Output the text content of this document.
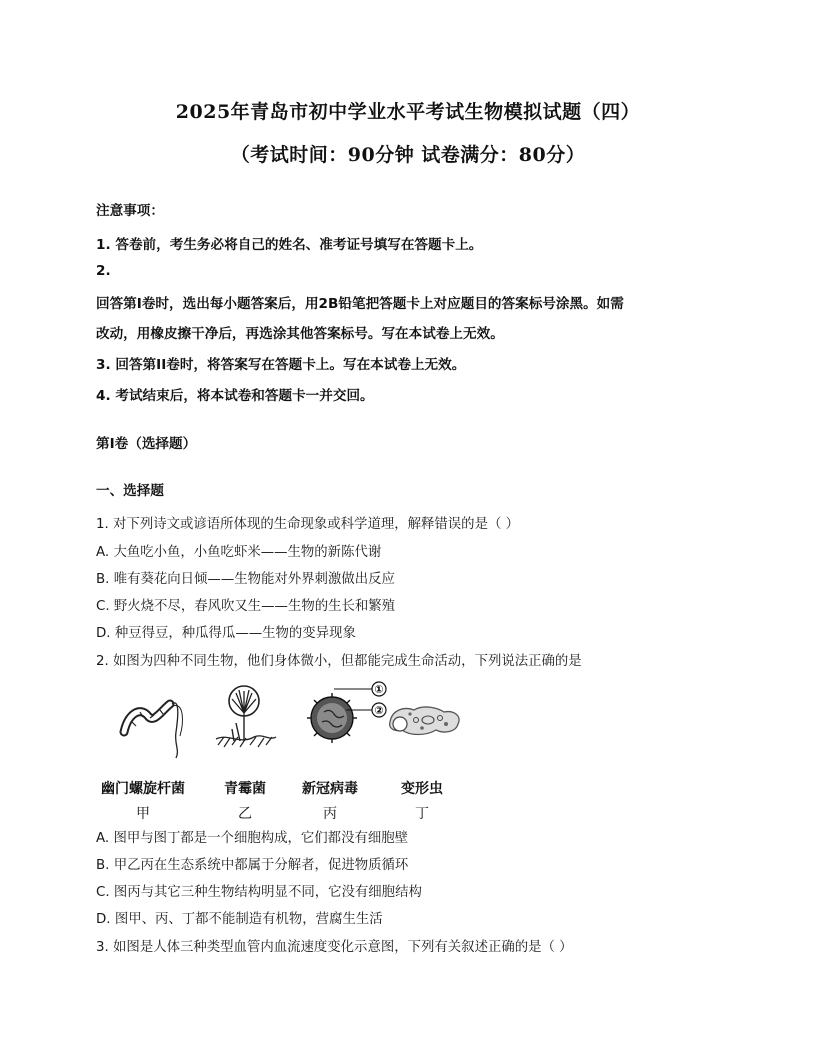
2025年青岛市初中学业水平考试生物模拟试题（四）
（考试时间：90分钟 试卷满分：80分）
注意事项：
1. 答卷前，考生务必将自己的姓名、准考证号填写在答题卡上。
2.
回答第I卷时，选出每小题答案后，用2B铅笔把答题卡上对应题目的答案标号涂黑。如需
改动，用橡皮擦干净后，再选涂其他答案标号。写在本试卷上无效。
3. 回答第II卷时，将答案写在答题卡上。写在本试卷上无效。
4. 考试结束后，将本试卷和答题卡一并交回。
第I卷（选择题）
一、选择题
1. 对下列诗文或谚语所体现的生命现象或科学道理，解释错误的是（ ）
A. 大鱼吃小鱼，小鱼吃虾米——生物的新陈代谢
B. 唯有葵花向日倾——生物能对外界刺激做出反应
C. 野火烧不尽，春风吹又生——生物的生长和繁殖
D. 种豆得豆，种瓜得瓜——生物的变异现象
2. 如图为四种不同生物，他们身体微小，但都能完成生命活动，下列说法正确的是
①
②
幽门螺旋杆菌
甲
青霉菌
乙
新冠病毒
丙
变形虫
丁
A. 图甲与图丁都是一个细胞构成，它们都没有细胞壁
B. 甲乙丙在生态系统中都属于分解者，促进物质循环
C. 图丙与其它三种生物结构明显不同，它没有细胞结构
D. 图甲、丙、丁都不能制造有机物，营腐生生活
3. 如图是人体三种类型血管内血流速度变化示意图，下列有关叙述正确的是（ ）
